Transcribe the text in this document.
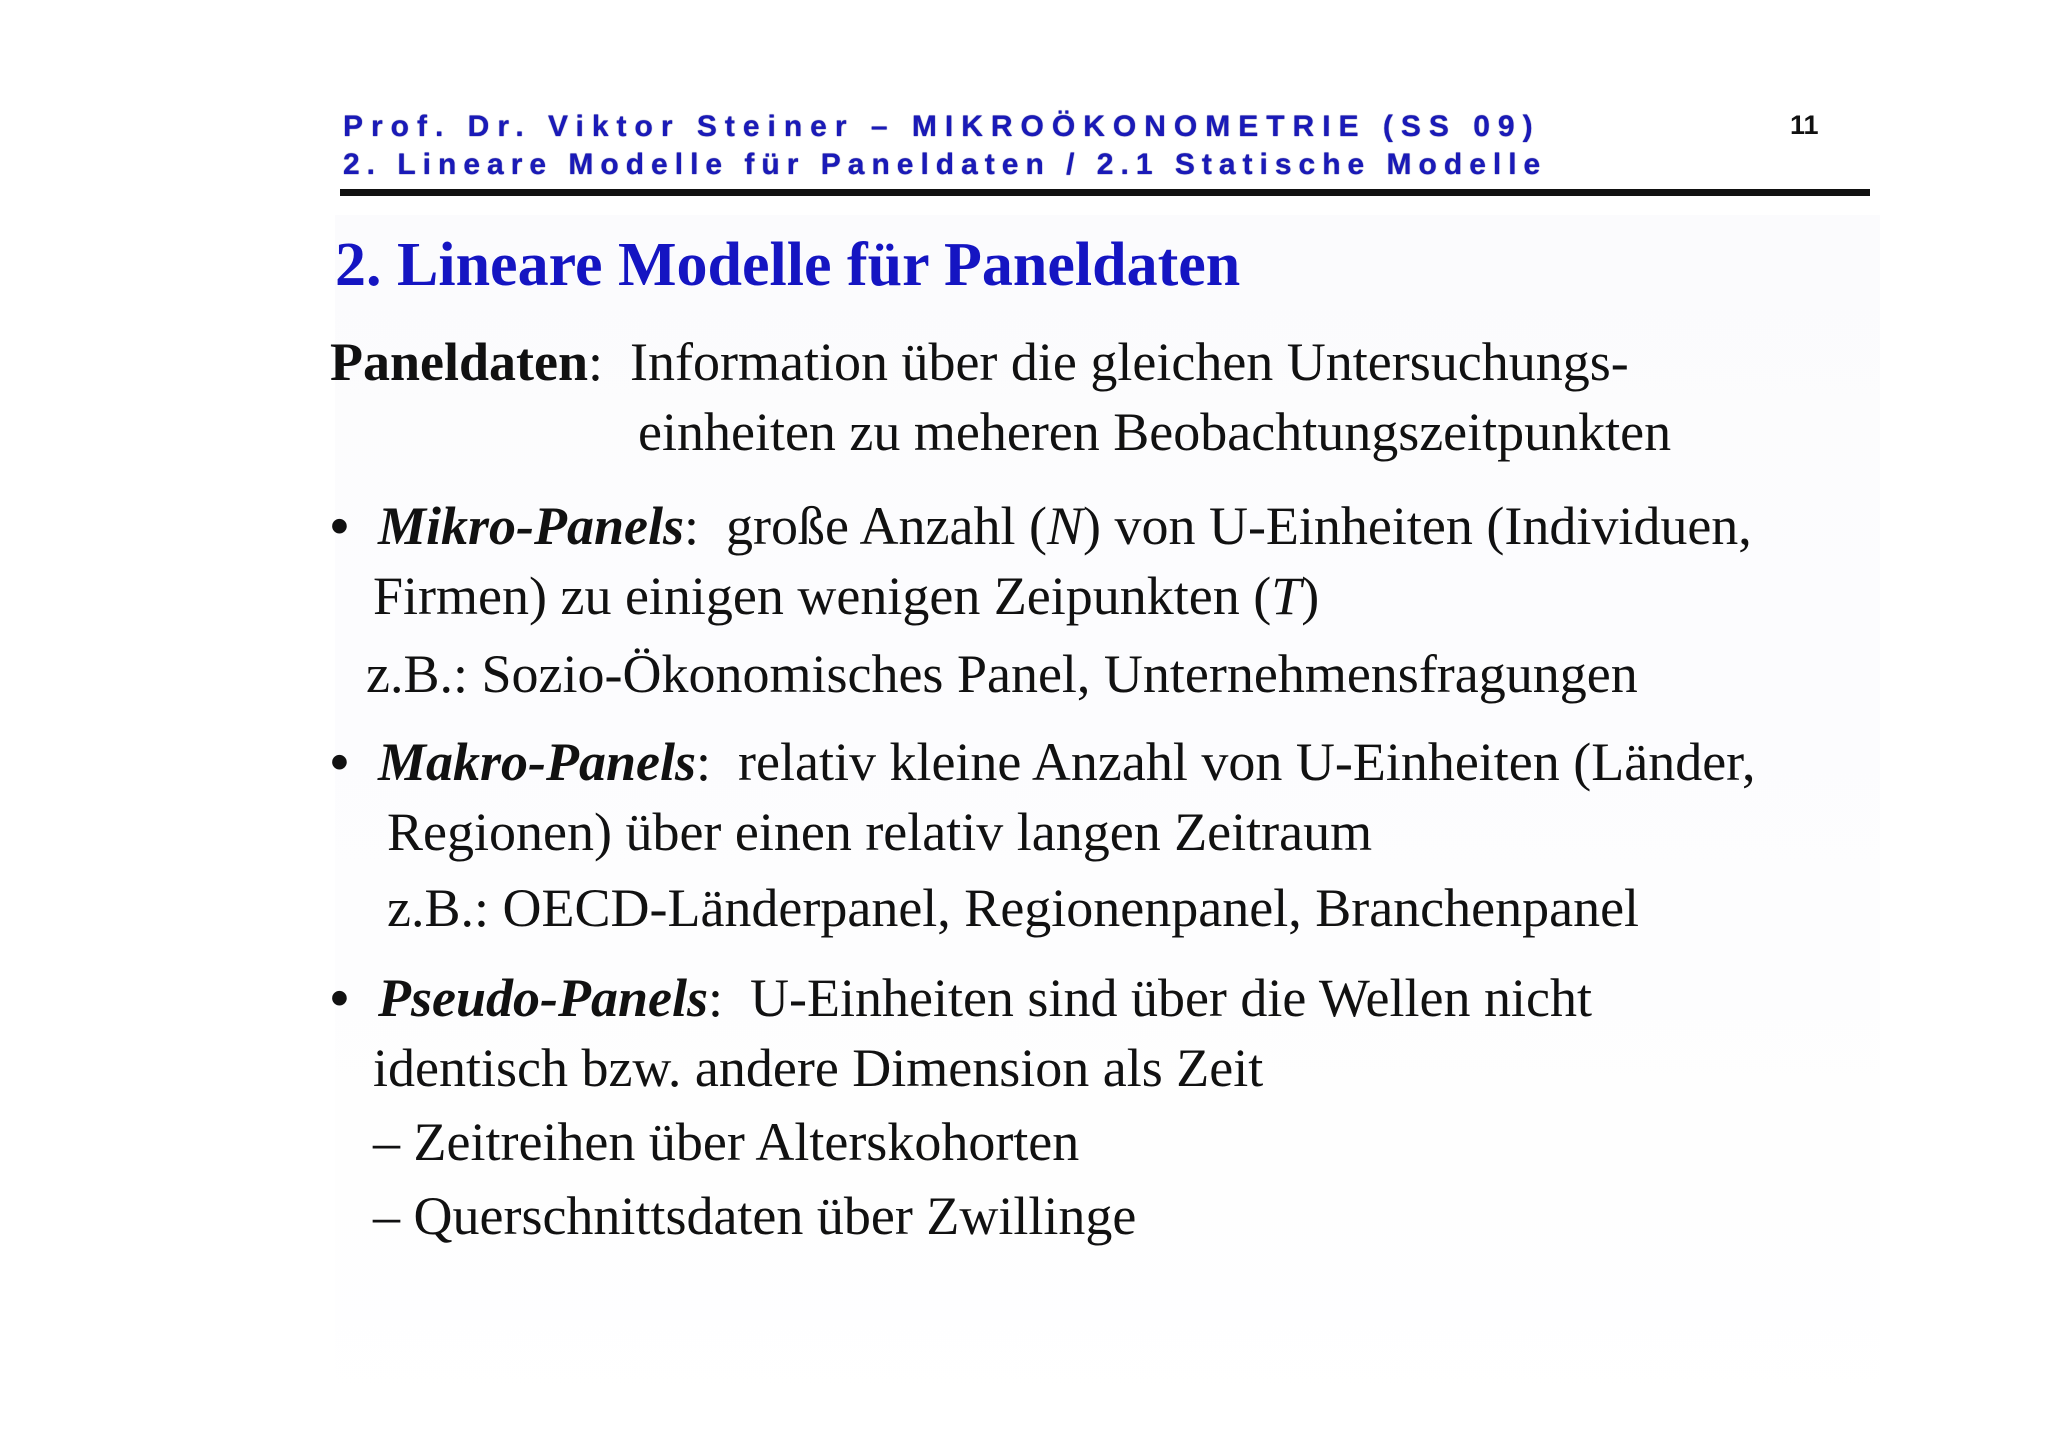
Prof. Dr. Viktor Steiner – MIKROÖKONOMETRIE (SS 09)
2. Lineare Modelle für Paneldaten / 2.1 Statische Modelle
11
2. Lineare Modelle für Paneldaten
Paneldaten: Information über die gleichen Untersuchungs-
einheiten zu meheren Beobachtungszeitpunkten
• Mikro-Panels: große Anzahl (N) von U-Einheiten (Individuen,
Firmen) zu einigen wenigen Zeipunkten (T)
z.B.: Sozio-Ökonomisches Panel, Unternehmensfragungen
• Makro-Panels: relativ kleine Anzahl von U-Einheiten (Länder,
Regionen) über einen relativ langen Zeitraum
z.B.: OECD-Länderpanel, Regionenpanel, Branchenpanel
• Pseudo-Panels: U-Einheiten sind über die Wellen nicht
identisch bzw. andere Dimension als Zeit
– Zeitreihen über Alterskohorten
– Querschnittsdaten über Zwillinge
